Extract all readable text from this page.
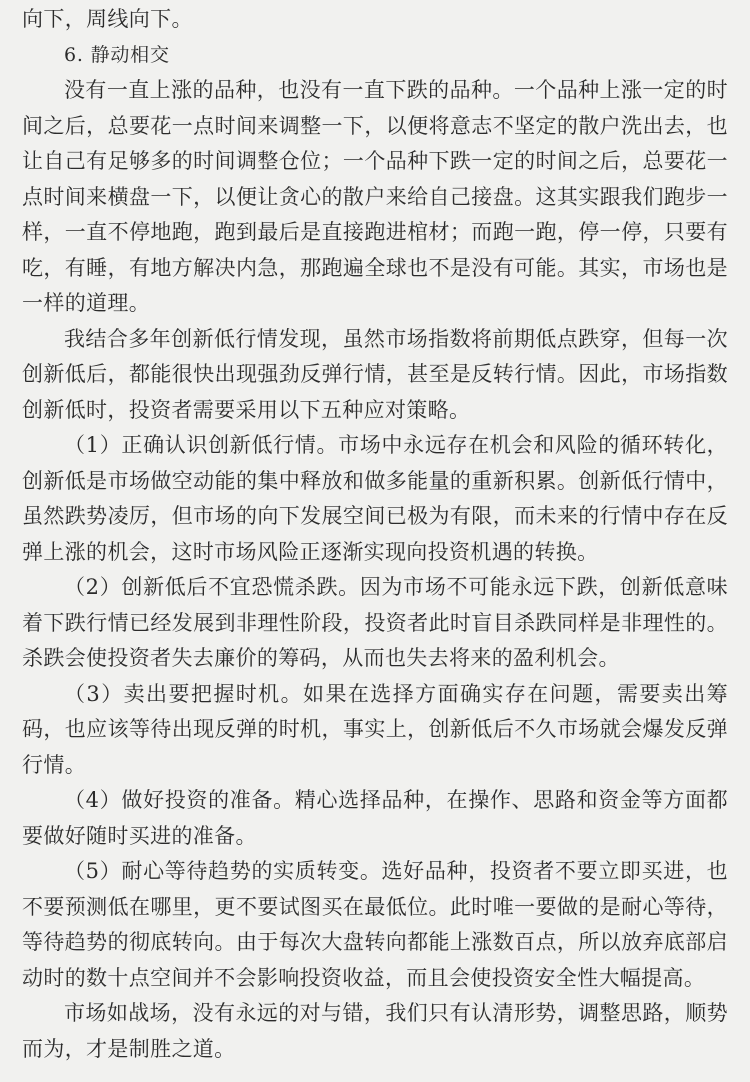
向下，周线向下。

6. 静动相交

没有一直上涨的品种，也没有一直下跌的品种。一个品种上涨一定的时间之后，总要花一点时间来调整一下，以便将意志不坚定的散户洗出去，也让自己有足够多的时间调整仓位；一个品种下跌一定的时间之后，总要花一点时间来横盘一下，以便让贪心的散户来给自己接盘。这其实跟我们跑步一样，一直不停地跑，跑到最后是直接跑进棺材；而跑一跑，停一停，只要有吃，有睡，有地方解决内急，那跑遍全球也不是没有可能。其实，市场也是一样的道理。

我结合多年创新低行情发现，虽然市场指数将前期低点跌穿，但每一次创新低后，都能很快出现强劲反弹行情，甚至是反转行情。因此，市场指数创新低时，投资者需要采用以下五种应对策略。

（1）正确认识创新低行情。市场中永远存在机会和风险的循环转化，创新低是市场做空动能的集中释放和做多能量的重新积累。创新低行情中，虽然跌势凌厉，但市场的向下发展空间已极为有限，而未来的行情中存在反弹上涨的机会，这时市场风险正逐渐实现向投资机遇的转换。

（2）创新低后不宜恐慌杀跌。因为市场不可能永远下跌，创新低意味着下跌行情已经发展到非理性阶段，投资者此时盲目杀跌同样是非理性的。杀跌会使投资者失去廉价的筹码，从而也失去将来的盈利机会。

（3）卖出要把握时机。如果在选择方面确实存在问题，需要卖出筹码，也应该等待出现反弹的时机，事实上，创新低后不久市场就会爆发反弹行情。

（4）做好投资的准备。精心选择品种，在操作、思路和资金等方面都要做好随时买进的准备。

（5）耐心等待趋势的实质转变。选好品种，投资者不要立即买进，也不要预测低在哪里，更不要试图买在最低位。此时唯一要做的是耐心等待，等待趋势的彻底转向。由于每次大盘转向都能上涨数百点，所以放弃底部启动时的数十点空间并不会影响投资收益，而且会使投资安全性大幅提高。

市场如战场，没有永远的对与错，我们只有认清形势，调整思路，顺势而为，才是制胜之道。
